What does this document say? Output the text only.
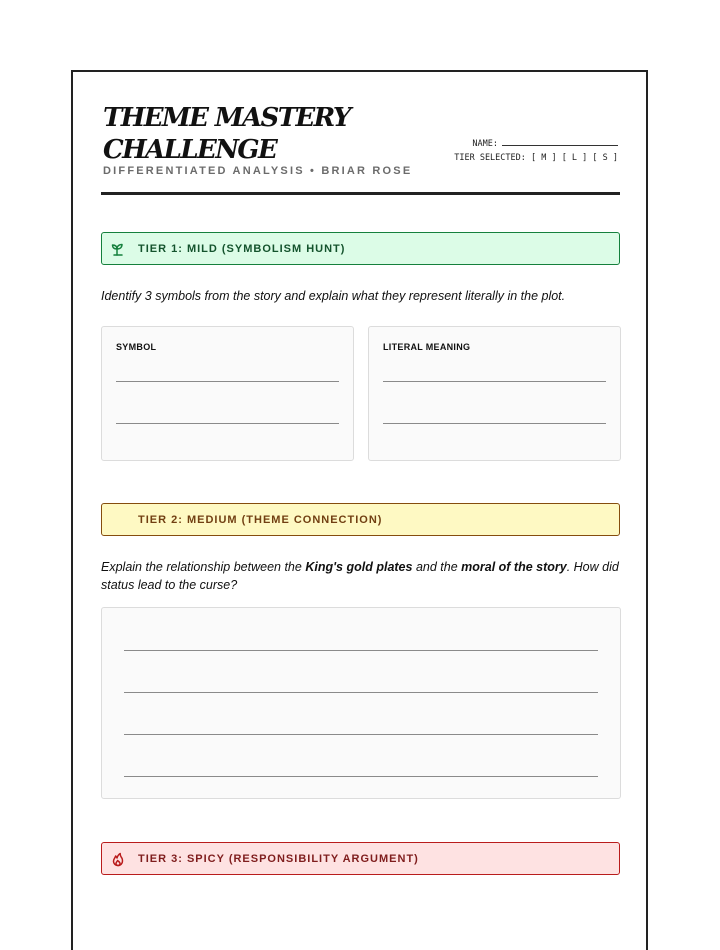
THEME MASTERY
CHALLENGE
DIFFERENTIATED ANALYSIS • BRIAR ROSE
NAME:
TIER SELECTED: [ M ] [ L ] [ S ]
TIER 1: MILD (SYMBOLISM HUNT)
Identify 3 symbols from the story and explain what they represent literally in the plot.
SYMBOL	LITERAL MEANING
TIER 2: MEDIUM (THEME CONNECTION)
Explain the relationship between the King's gold plates and the moral of the story. How did status lead to the curse?
TIER 3: SPICY (RESPONSIBILITY ARGUMENT)
